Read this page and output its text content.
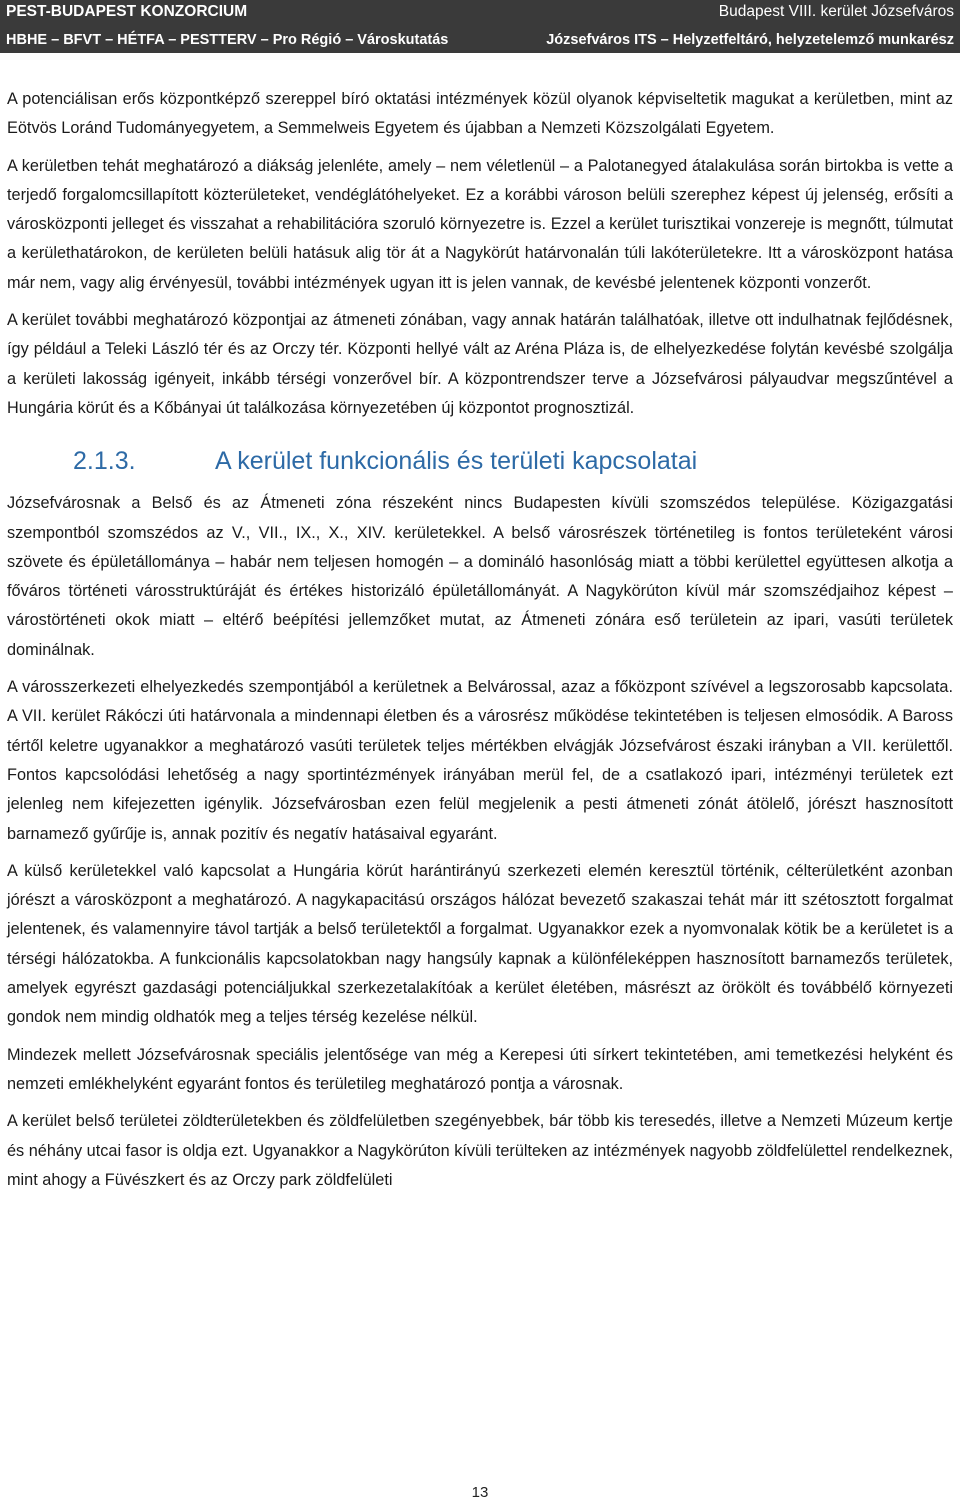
PEST-BUDAPEST KONZORCIUM	Budapest VIII. kerület Józsefváros
HBHE – BFVT – HÉTFA – PESTTERV – Pro Régió – Városkutatás	Józsefváros ITS – Helyzetfeltáró, helyzetelemző munkarész

A potenciálisan erős központképző szereppel bíró oktatási intézmények közül olyanok képviseltetik magukat a kerületben, mint az Eötvös Loránd Tudományegyetem, a Semmelweis Egyetem és újabban a Nemzeti Közszolgálati Egyetem.

A kerületben tehát meghatározó a diákság jelenléte, amely – nem véletlenül – a Palotanegyed átalakulása során birtokba is vette a terjedő forgalomcsillapított közterületeket, vendéglátóhelyeket. Ez a korábbi városon belüli szerephez képest új jelenség, erősíti a városközponti jelleget és visszahat a rehabilitációra szoruló környezetre is. Ezzel a kerület turisztikai vonzereje is megnőtt, túlmutat a kerülethatárokon, de kerületen belüli hatásuk alig tör át a Nagykörút határvonalán túli lakóterületekre. Itt a városközpont hatása már nem, vagy alig érvényesül, további intézmények ugyan itt is jelen vannak, de kevésbé jelentenek központi vonzerőt.

A kerület további meghatározó központjai az átmeneti zónában, vagy annak határán találhatóak, illetve ott indulhatnak fejlődésnek, így például a Teleki László tér és az Orczy tér. Központi hellyé vált az Aréna Pláza is, de elhelyezkedése folytán kevésbé szolgálja a kerületi lakosság igényeit, inkább térségi vonzerővel bír. A központrendszer terve a Józsefvárosi pályaudvar megszűntével a Hungária körút és a Kőbányai út találkozása környezetében új központot prognosztizál.

2.1.3.	A kerület funkcionális és területi kapcsolatai

Józsefvárosnak a Belső és az Átmeneti zóna részeként nincs Budapesten kívüli szomszédos települése. Közigazgatási szempontból szomszédos az V., VII., IX., X., XIV. kerületekkel. A belső városrészek történetileg is fontos területeként városi szövete és épületállománya – habár nem teljesen homogén – a domináló hasonlóság miatt a többi kerülettel együttesen alkotja a főváros történeti városstruktúráját és értékes historizáló épületállományát. A Nagykörúton kívül már szomszédjaihoz képest –várostörténeti okok miatt – eltérő beépítési jellemzőket mutat, az Átmeneti zónára eső területein az ipari, vasúti területek dominálnak.

A városszerkezeti elhelyezkedés szempontjából a kerületnek a Belvárossal, azaz a főközpont szívével a legszorosabb kapcsolata. A VII. kerület Rákóczi úti határvonala a mindennapi életben és a városrész működése tekintetében is teljesen elmosódik. A Baross tértől keletre ugyanakkor a meghatározó vasúti területek teljes mértékben elvágják Józsefvárost északi irányban a VII. kerülettől. Fontos kapcsolódási lehetőség a nagy sportintézmények irányában merül fel, de a csatlakozó ipari, intézményi területek ezt jelenleg nem kifejezetten igénylik. Józsefvárosban ezen felül megjelenik a pesti átmeneti zónát átölelő, jórészt hasznosított barnamező gyűrűje is, annak pozitív és negatív hatásaival egyaránt.

A külső kerületekkel való kapcsolat a Hungária körút harántirányú szerkezeti elemén keresztül történik, célterületként azonban jórészt a városközpont a meghatározó. A nagykapacitású országos hálózat bevezető szakaszai tehát már itt szétosztott forgalmat jelentenek, és valamennyire távol tartják a belső területektől a forgalmat. Ugyanakkor ezek a nyomvonalak kötik be a kerületet is a térségi hálózatokba. A funkcionális kapcsolatokban nagy hangsúly kapnak a különféleképpen hasznosított barnamezős területek, amelyek egyrészt gazdasági potenciáljukkal szerkezetalakítóak a kerület életében, másrészt az örökölt és továbbélő környezeti gondok nem mindig oldhatók meg a teljes térség kezelése nélkül.

Mindezek mellett Józsefvárosnak speciális jelentősége van még a Kerepesi úti sírkert tekintetében, ami temetkezési helyként és nemzeti emlékhelyként egyaránt fontos és területileg meghatározó pontja a városnak.

A kerület belső területei zöldterületekben és zöldfelületben szegényebbek, bár több kis teresedés, illetve a Nemzeti Múzeum kertje és néhány utcai fasor is oldja ezt. Ugyanakkor a Nagykörúton kívüli terülteken az intézmények nagyobb zöldfelülettel rendelkeznek, mint ahogy a Füvészkert és az Orczy park zöldfelületi

13
